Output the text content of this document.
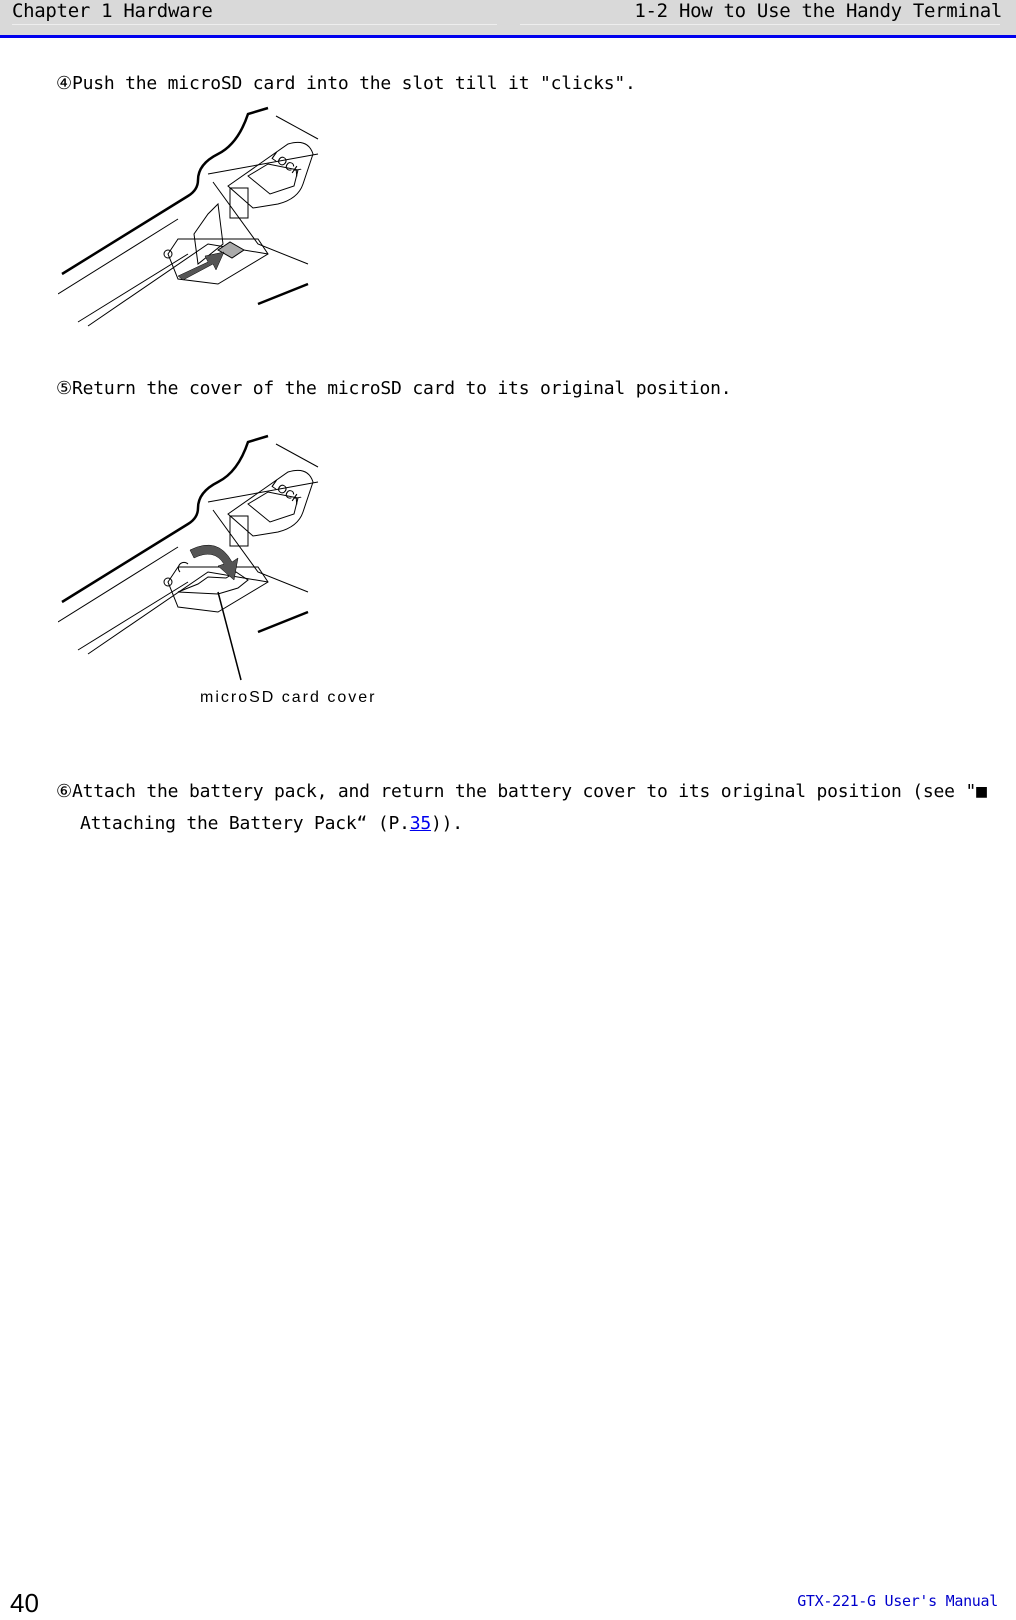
Chapter 1 Hardware	1-2 How to Use the Handy Terminal
④Push the microSD card into the slot till it "clicks".
LOCK
⑤Return the cover of the microSD card to its original position.
LOCK
microSD card cover
⑥Attach the battery pack, and return the battery cover to its original position (see "■
Attaching the Battery Pack“ (P.35)).
40	GTX-221-G User's Manual
